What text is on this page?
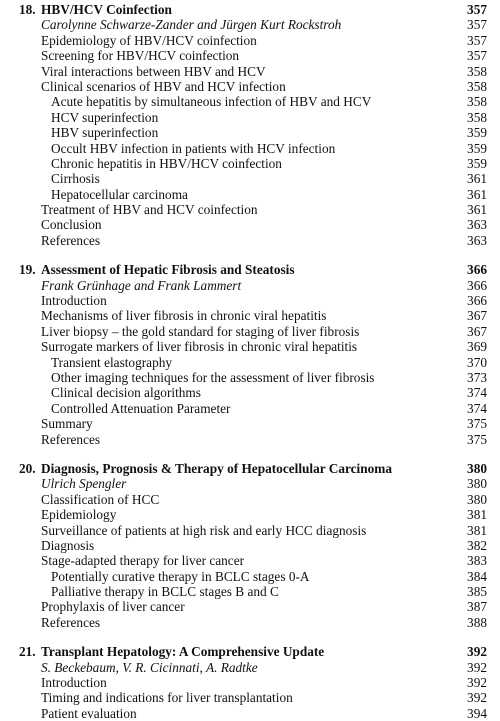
18. HBV/HCV Coinfection	357
Carolynne Schwarze-Zander and Jürgen Kurt Rockstroh	357
Epidemiology of HBV/HCV coinfection	357
Screening for HBV/HCV coinfection	357
Viral interactions between HBV and HCV	358
Clinical scenarios of HBV and HCV infection	358
Acute hepatitis by simultaneous infection of HBV and HCV	358
HCV superinfection	358
HBV superinfection	359
Occult HBV infection in patients with HCV infection	359
Chronic hepatitis in HBV/HCV coinfection	359
Cirrhosis	361
Hepatocellular carcinoma	361
Treatment of HBV and HCV coinfection	361
Conclusion	363
References	363
19. Assessment of Hepatic Fibrosis and Steatosis	366
Frank Grünhage and Frank Lammert	366
Introduction	366
Mechanisms of liver fibrosis in chronic viral hepatitis	367
Liver biopsy – the gold standard for staging of liver fibrosis	367
Surrogate markers of liver fibrosis in chronic viral hepatitis	369
Transient elastography	370
Other imaging techniques for the assessment of liver fibrosis	373
Clinical decision algorithms	374
Controlled Attenuation Parameter	374
Summary	375
References	375
20. Diagnosis, Prognosis & Therapy of Hepatocellular Carcinoma	380
Ulrich Spengler	380
Classification of HCC	380
Epidemiology	381
Surveillance of patients at high risk and early HCC diagnosis	381
Diagnosis	382
Stage-adapted therapy for liver cancer	383
Potentially curative therapy in BCLC stages 0-A	384
Palliative therapy in BCLC stages B and C	385
Prophylaxis of liver cancer	387
References	388
21. Transplant Hepatology: A Comprehensive Update	392
S. Beckebaum, V. R. Cicinnati, A. Radtke	392
Introduction	392
Timing and indications for liver transplantation	392
Patient evaluation	394
